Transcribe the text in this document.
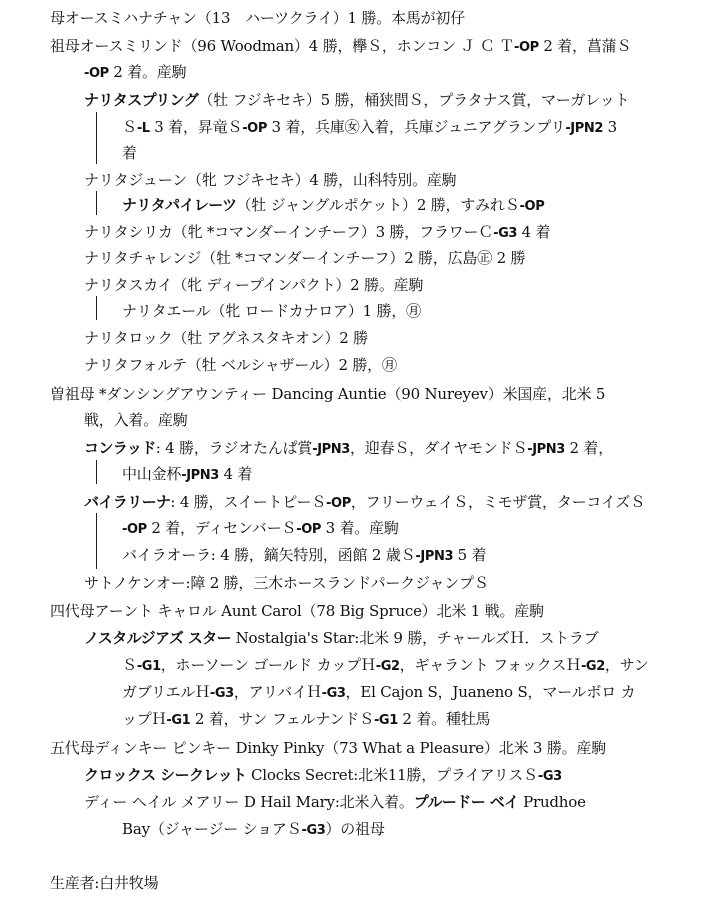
母オースミハナチャン（13　ハーツクライ）1 勝。本馬が初仔
祖母オースミリンド（96 Woodman）4 勝，欅Ｓ，ホンコン Ｊ Ｃ Ｔ-OP 2 着，菖蒲Ｓ
-OP 2 着。産駒
ナリタスプリング（牡 フジキセキ）5 勝，桶狭間Ｓ，プラタナス賞，マーガレット
Ｓ-L 3 着，昇竜Ｓ-OP 3 着，兵庫㊛入着，兵庫ジュニアグランプリ-JPN2 3
着
ナリタジューン（牝 フジキセキ）4 勝，山科特別。産駒
ナリタパイレーツ（牡 ジャングルポケット）2 勝，すみれＳ-OP
ナリタシリカ（牝 *コマンダーインチーフ）3 勝，フラワーＣ-G3 4 着
ナリタチャレンジ（牡 *コマンダーインチーフ）2 勝，広島㊣ 2 勝
ナリタスカイ（牝 ディープインパクト）2 勝。産駒
ナリタエール（牝 ロードカナロア）1 勝，㊊
ナリタロック（牡 アグネスタキオン）2 勝
ナリタフォルテ（牡 ベルシャザール）2 勝，㊊
曽祖母 *ダンシングアウンティー Dancing Auntie（90 Nureyev）米国産，北米 5
戦，入着。産駒
コンラッド: 4 勝，ラジオたんぱ賞-JPN3，迎春Ｓ，ダイヤモンドＳ-JPN3 2 着，
中山金杯-JPN3 4 着
バイラリーナ: 4 勝，スイートピーＳ-OP，フリーウェイＳ，ミモザ賞，ターコイズＳ
-OP 2 着，ディセンバーＳ-OP 3 着。産駒
バイラオーラ: 4 勝，鏑矢特別，函館 2 歳Ｓ-JPN3 5 着
サトノケンオー:障 2 勝，三木ホースランドパークジャンプＳ
四代母アーント キャロル Aunt Carol（78 Big Spruce）北米 1 戦。産駒
ノスタルジアズ スター Nostalgia's Star:北米 9 勝，チャールズＨ．ストラブ
Ｓ-G1，ホーソーン ゴールド カップＨ-G2，ギャラント フォックスＨ-G2，サン
ガブリエルＨ-G3，アリバイＨ-G3，El Cajon S，Juaneno S，マールボロ カ
ップＨ-G1 2 着，サン フェルナンドＳ-G1 2 着。種牡馬
五代母ディンキー ピンキー Dinky Pinky（73 What a Pleasure）北米 3 勝。産駒
クロックス シークレット Clocks Secret:北米11勝，プライアリスＳ-G3
ディー ヘイル メアリー D Hail Mary:北米入着。プルードー ベイ Prudhoe
Bay（ジャージー ショアＳ-G3）の祖母
生産者:白井牧場
